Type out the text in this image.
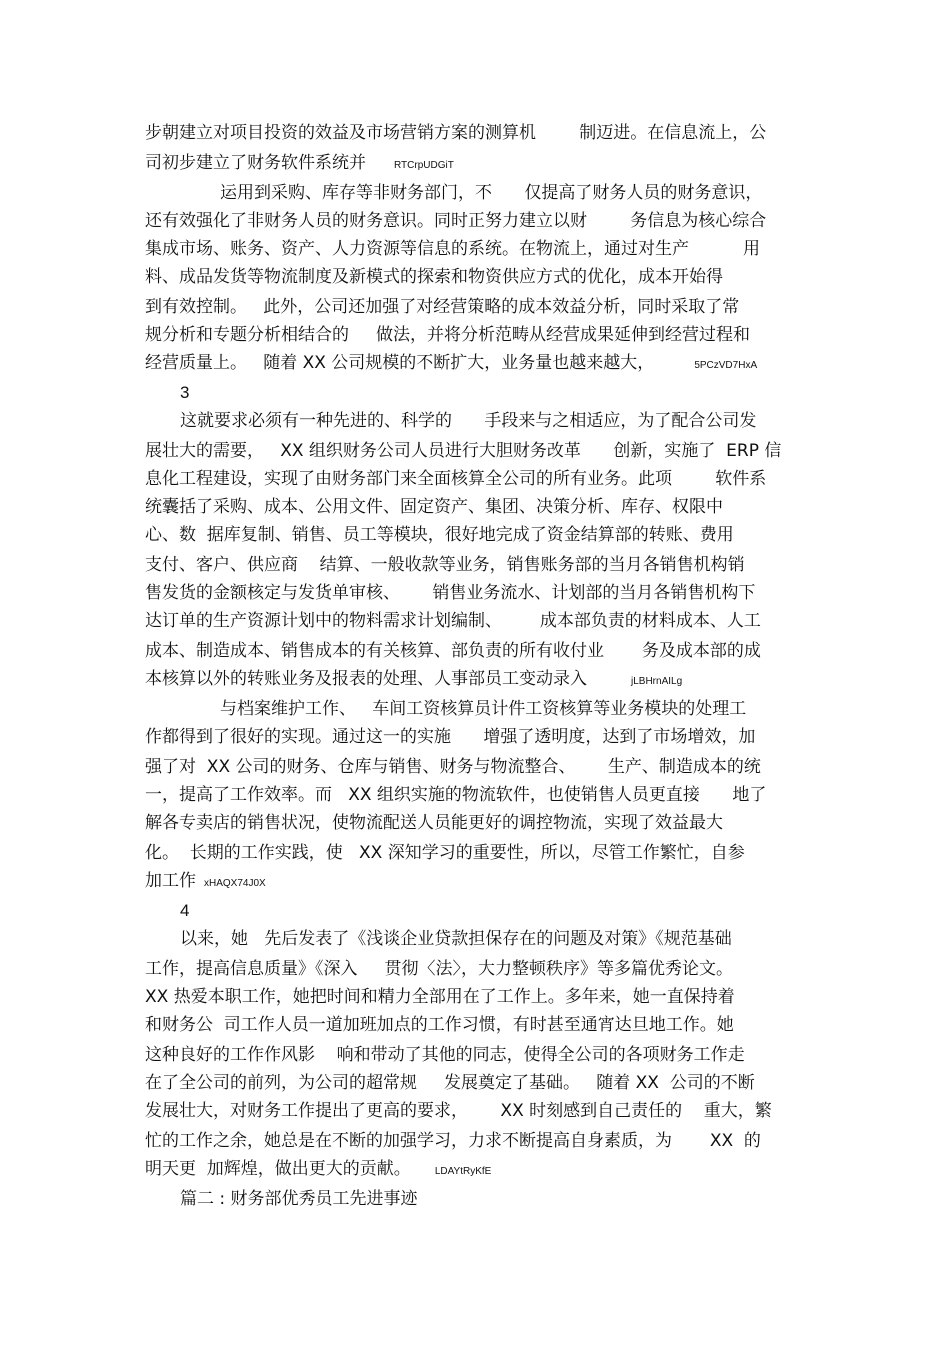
步朝建立对项目投资的效益及市场营销方案的测算机        制迈进。在信息流上，公
司初步建立了财务软件系统并	RTCrpUDGiT
运用到采购、库存等非财务部门，不      仅提高了财务人员的财务意识，
还有效强化了非财务人员的财务意识。同时正努力建立以财        务信息为核心综合
集成市场、账务、资产、人力资源等信息的系统。在物流上，通过对生产          用
料、成品发货等物流制度及新模式的探索和物资供应方式的优化，成本开始得
到有效控制。   此外，公司还加强了对经营策略的成本效益分析，同时采取了常
规分析和专题分析相结合的     做法，并将分析范畴从经营成果延伸到经营过程和
经营质量上。   随着 XX 公司规模的不断扩大，业务量也越来越大，	5PCzVD7HxA
3
这就要求必须有一种先进的、科学的      手段来与之相适应，为了配合公司发
展壮大的需要，   XX 组织财务公司人员进行大胆财务改革      创新，实施了  ERP 信
息化工程建设，实现了由财务部门来全面核算全公司的所有业务。此项        软件系
统囊括了采购、成本、公用文件、固定资产、集团、决策分析、库存、权限中
心、数  据库复制、销售、员工等模块，很好地完成了资金结算部的转账、费用
支付、客户、供应商    结算、一般收款等业务，销售账务部的当月各销售机构销
售发货的金额核定与发货单审核、      销售业务流水、计划部的当月各销售机构下
达订单的生产资源计划中的物料需求计划编制、       成本部负责的材料成本、人工
成本、制造成本、销售成本的有关核算、部负责的所有收付业       务及成本部的成
本核算以外的转账业务及报表的处理、人事部员工变动录入	jLBHrnAILg
与档案维护工作、   车间工资核算员计件工资核算等业务模块的处理工
作都得到了很好的实现。通过这一的实施      增强了透明度，达到了市场增效，加
强了对  XX 公司的财务、仓库与销售、财务与物流整合、      生产、制造成本的统
一，提高了工作效率。而   XX 组织实施的物流软件，也使销售人员更直接      地了
解各专卖店的销售状况，使物流配送人员能更好的调控物流，实现了效益最大
化。  长期的工作实践，使   XX 深知学习的重要性，所以，尽管工作繁忙，自参
加工作 xHAQX74J0X
4
以来，她   先后发表了《浅谈企业贷款担保存在的问题及对策》《规范基础
工作，提高信息质量》《深入     贯彻〈法〉，大力整顿秩序》等多篇优秀论文。
XX 热爱本职工作，她把时间和精力全部用在了工作上。多年来，她一直保持着
和财务公  司工作人员一道加班加点的工作习惯，有时甚至通宵达旦地工作。她
这种良好的工作作风影    响和带动了其他的同志，使得全公司的各项财务工作走
在了全公司的前列，为公司的超常规     发展奠定了基础。   随着 XX  公司的不断
发展壮大，对财务工作提出了更高的要求，      XX 时刻感到自己责任的    重大，繁
忙的工作之余，她总是在不断的加强学习，力求不断提高自身素质，为       XX  的
明天更  加辉煌，做出更大的贡献。 LDAYtRyKfE
篇二 : 财务部优秀员工先进事迹
